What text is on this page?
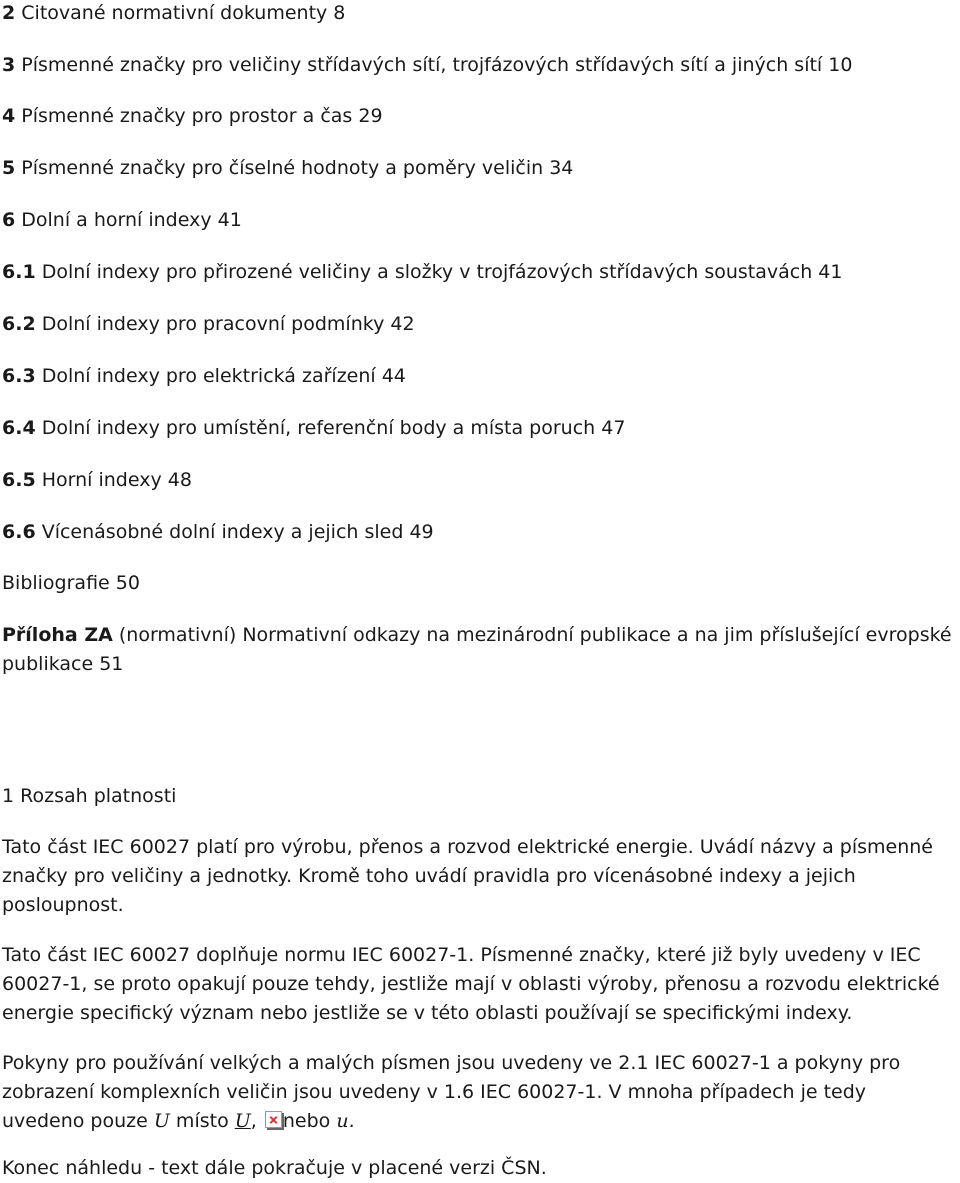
2 Citované normativní dokumenty 8
3 Písmenné značky pro veličiny střídavých sítí, trojfázových střídavých sítí a jiných sítí 10
4 Písmenné značky pro prostor a čas 29
5 Písmenné značky pro číselné hodnoty a poměry veličin 34
6 Dolní a horní indexy 41
6.1 Dolní indexy pro přirozené veličiny a složky v trojfázových střídavých soustavách 41
6.2 Dolní indexy pro pracovní podmínky 42
6.3 Dolní indexy pro elektrická zařízení 44
6.4 Dolní indexy pro umístění, referenční body a místa poruch 47
6.5 Horní indexy 48
6.6 Vícenásobné dolní indexy a jejich sled 49
Bibliografie 50
Příloha ZA (normativní) Normativní odkazy na mezinárodní publikace a na jim příslušející evropské
publikace 51
1 Rozsah platnosti

Tato část IEC 60027 platí pro výrobu, přenos a rozvod elektrické energie. Uvádí názvy a písmenné značky pro veličiny a jednotky. Kromě toho uvádí pravidla pro vícenásobné indexy a jejich posloupnost.

Tato část IEC 60027 doplňuje normu IEC 60027-1. Písmenné značky, které již byly uvedeny v IEC 60027-1, se proto opakují pouze tehdy, jestliže mají v oblasti výroby, přenosu a rozvodu elektrické energie specifický význam nebo jestliže se v této oblasti používají se specifickými indexy.

Pokyny pro používání velkých a malých písmen jsou uvedeny ve 2.1 IEC 60027-1 a pokyny pro zobrazení komplexních veličin jsou uvedeny v 1.6 IEC 60027-1. V mnoha případech je tedy uvedeno pouze U místo U,
nebo u.

Konec náhledu - text dále pokračuje v placené verzi ČSN.
